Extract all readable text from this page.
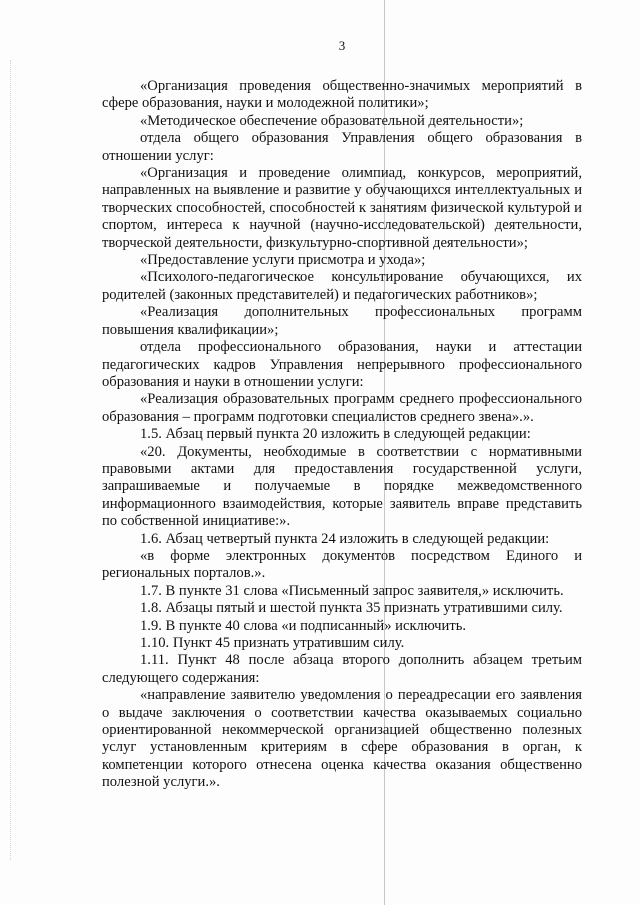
3

«Организация проведения общественно-значимых мероприятий в сфере образования, науки и молодежной политики»;

«Методическое обеспечение образовательной деятельности»;

отдела общего образования Управления общего образования в отношении услуг:

«Организация и проведение олимпиад, конкурсов, мероприятий, направленных на выявление и развитие у обучающихся интеллектуальных и творческих способностей, способностей к занятиям физической культурой и спортом, интереса к научной (научно-исследовательской) деятельности, творческой деятельности, физкультурно-спортивной деятельности»;

«Предоставление услуги присмотра и ухода»;

«Психолого-педагогическое консультирование обучающихся, их родителей (законных представителей) и педагогических работников»;

«Реализация дополнительных профессиональных программ повышения квалификации»;

отдела профессионального образования, науки и аттестации педагогических кадров Управления непрерывного профессионального образования и науки в отношении услуги:

«Реализация образовательных программ среднего профессионального образования – программ подготовки специалистов среднего звена».».

1.5. Абзац первый пункта 20 изложить в следующей редакции:

«20. Документы, необходимые в соответствии с нормативными правовыми актами для предоставления государственной услуги, запрашиваемые и получаемые в порядке межведомственного информационного взаимодействия, которые заявитель вправе представить по собственной инициативе:».

1.6. Абзац четвертый пункта 24 изложить в следующей редакции:

«в форме электронных документов посредством Единого и региональных порталов.».

1.7. В пункте 31 слова «Письменный запрос заявителя,» исключить.

1.8. Абзацы пятый и шестой пункта 35 признать утратившими силу.

1.9. В пункте 40 слова «и подписанный» исключить.

1.10. Пункт 45 признать утратившим силу.

1.11. Пункт 48 после абзаца второго дополнить абзацем третьим следующего содержания:

«направление заявителю уведомления о переадресации его заявления о выдаче заключения о соответствии качества оказываемых социально ориентированной некоммерческой организацией общественно полезных услуг установленным критериям в сфере образования в орган, к компетенции которого отнесена оценка качества оказания общественно полезной услуги.».
